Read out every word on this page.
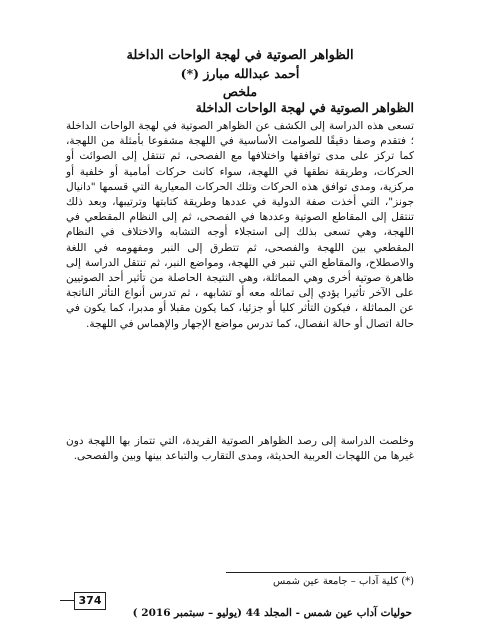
الظواهر الصوتية في لهجة الواحات الداخلة
أحمد عبدالله مبارز (*)
ملخص
الظواهر الصوتية في لهجة الواحات الداخلة
تسعى هذه الدراسة إلى الكشف عن الظواهر الصوتية في لهجة الواحات الداخلة ؛ فتقدم وصفا دقيقًا للصوامت الأساسية في اللهجة مشفوعا بأمثلة من اللهجة، كما تركز على مدى توافقها واختلافها مع الفصحى، ثم تنتقل إلى الصوائت أو الحركات، وطريقة نطقها في اللهجة، سواء كانت حركات أمامية أو خلفية أو مركزية، ومدى توافق هذه الحركات وتلك الحركات المعيارية التي قسمها "دانيال جونز"، التي أخذت صفة الدولية في عددها وطريقة كتابتها وترتيبها، وبعد ذلك تنتقل إلى المقاطع الصوتية وعددها في الفصحى، ثم إلى النظام المقطعي في اللهجة، وهي تسعى بذلك إلى استجلاء أوجه التشابه والاختلاف في النظام المقطعي بين اللهجة والفصحى، ثم تتطرق إلى النبر ومفهومه في اللغة والاصطلاح، والمقاطع التي تنبر في اللهجة، ومواضع النبر، ثم تنتقل الدراسة إلى ظاهرة صوتية أخرى وهي المماثلة، وهي النتيجة الحاصلة من تأثير أحد الصوتيين على الآخر تأثيرا يؤدي إلى تماثله معه أو تشابهه ، ثم تدرس أنواع التأثر الناتجة عن المماثلة ، فيكون التأثر كليا أو جزئيا، كما يكون مقبلا أو مدبرا، كما يكون في حالة اتصال أو حالة انفصال، كما تدرس مواضع الإجهار والإهماس في اللهجة.
وخلصت الدراسة إلى رصد الظواهر الصوتية الفريدة، التي تتماز بها اللهجة دون غيرها من اللهجات العربية الحديثة، ومدى التقارب والتباعد بينها وبين والفصحى.
(*) كلية آداب – جامعة عين شمس
374
حوليات آداب عين شمس - المجلد 44 (يوليو – سبتمبر 2016 )
